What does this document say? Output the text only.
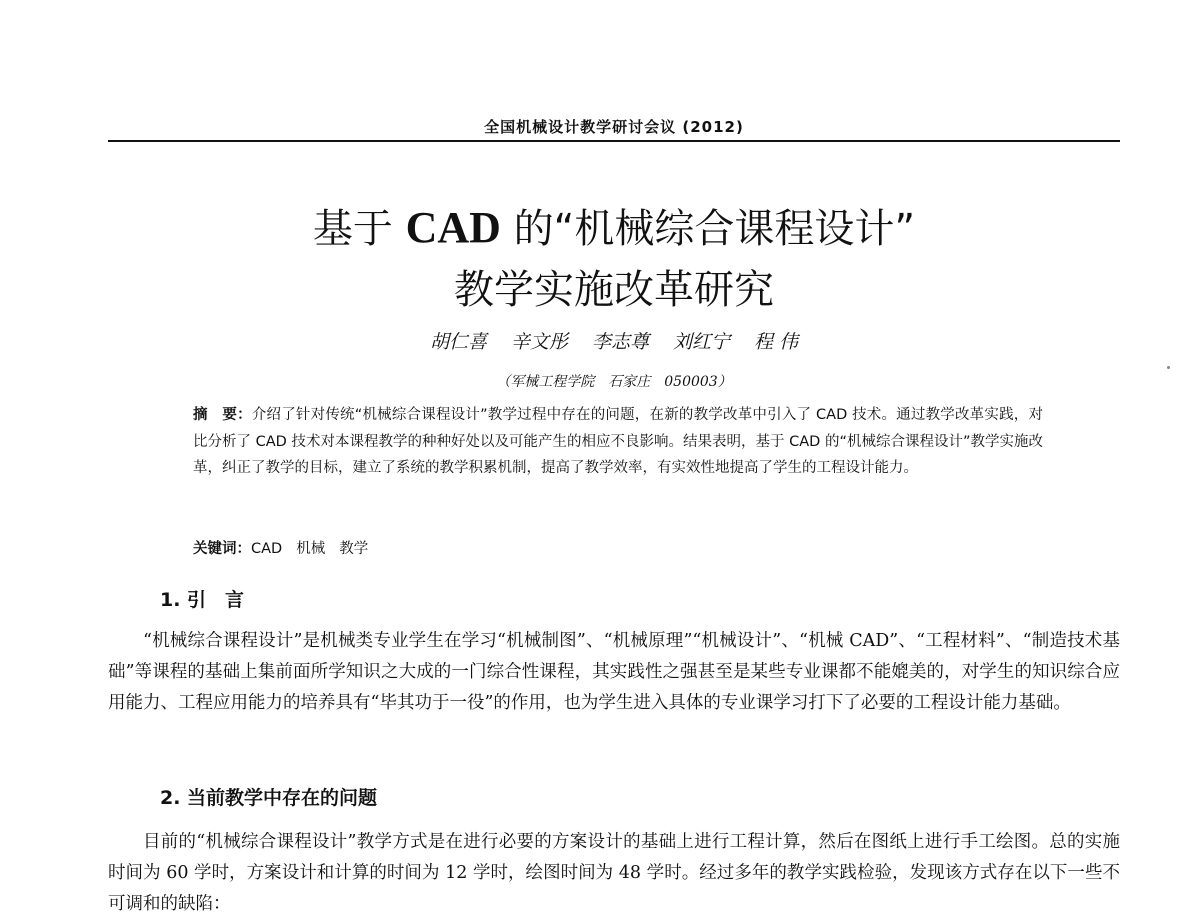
全国机械设计教学研讨会议 (2012)
基于 CAD 的“机械综合课程设计”
教学实施改革研究
胡仁喜 辛文彤 李志尊 刘红宁 程 伟
（军械工程学院　石家庄　050003）

摘　要：介绍了针对传统“机械综合课程设计”教学过程中存在的问题，在新的教学改革中引入了 CAD 技术。通过教学改革实践，对比分析了 CAD 技术对本课程教学的种种好处以及可能产生的相应不良影响。结果表明，基于 CAD 的“机械综合课程设计”教学实施改革，纠正了教学的目标，建立了系统的教学积累机制，提高了教学效率，有实效性地提高了学生的工程设计能力。

关键词：CAD 机械 教学
1. 引　言

“机械综合课程设计”是机械类专业学生在学习“机械制图”、“机械原理”“机械设计”、“机械 CAD”、“工程材料”、“制造技术基础”等课程的基础上集前面所学知识之大成的一门综合性课程，其实践性之强甚至是某些专业课都不能媲美的，对学生的知识综合应用能力、工程应用能力的培养具有“毕其功于一役”的作用，也为学生进入具体的专业课学习打下了必要的工程设计能力基础。

2. 当前教学中存在的问题

目前的“机械综合课程设计”教学方式是在进行必要的方案设计的基础上进行工程计算，然后在图纸上进行手工绘图。总的实施时间为 60 学时，方案设计和计算的时间为 12 学时，绘图时间为 48 学时。经过多年的教学实践检验，发现该方式存在以下一些不可调和的缺陷：
